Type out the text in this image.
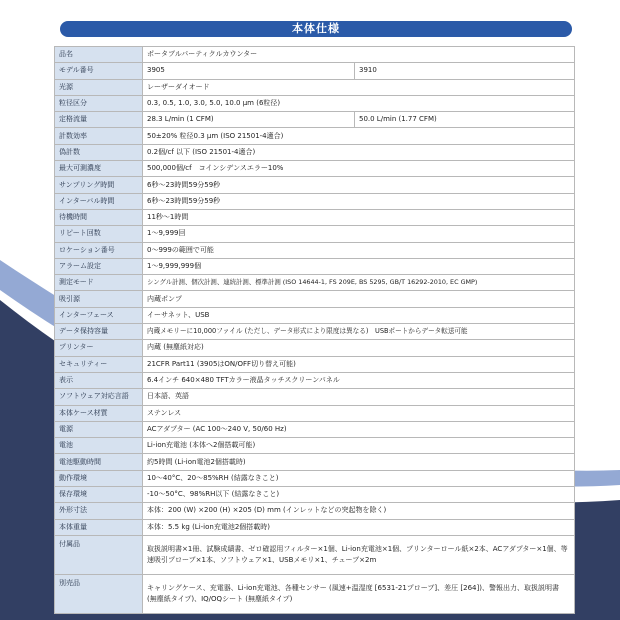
本体仕様
品名	ポータブルパーティクルカウンター	
モデル番号	3905	3910
光源	レーザーダイオード	
粒径区分	0.3, 0.5, 1.0, 3.0, 5.0, 10.0 μm (6粒径)	
定格流量	28.3 L/min (1 CFM)	50.0 L/min (1.77 CFM)
計数効率	50±20% 粒径0.3 μm (ISO 21501-4適合)	
偽計数	0.2個/cf 以下 (ISO 21501-4適合)	
最大可測濃度	500,000個/cf　コインシデンスエラー10%	
サンプリング時間	6秒～23時間59分59秒	
インターバル時間	6秒～23時間59分59秒	
待機時間	11秒～1時間	
リピート回数	1～9,999回	
ロケーション番号	0～999の範囲で可能	
アラーム設定	1～9,999,999個	
測定モード	シングル計測、個次計測、連続計測、標準計測 (ISO 14644-1, FS 209E, BS 5295, GB/T 16292-2010, EC GMP)	
吸引源	内蔵ポンプ	
インターフェース	イーサネット、USB	
データ保持容量	内蔵メモリーに10,000ファイル (ただし、データ形式により限度は異なる)　USBポートからデータ転送可能	
プリンター	内蔵 (無塵紙対応)	
セキュリティー	21CFR Part11 (3905はON/OFF切り替え可能)	
表示	6.4インチ 640×480 TFTカラー液晶タッチスクリーンパネル	
ソフトウェア対応言語	日本語、英語	
本体ケース材質	ステンレス	
電源	ACアダプター (AC 100～240 V, 50/60 Hz)	
電池	Li-ion充電池 (本体へ2個搭載可能)	
電池駆動時間	約5時間 (Li-ion電池2個搭載時)	
動作環境	10～40°C、20～85%RH (結露なきこと)	
保存環境	-10～50°C、98%RH以下 (結露なきこと)	
外形寸法	本体：200 (W) ×200 (H) ×205 (D) mm (インレットなどの突起物を除く)	
本体重量	本体：5.5 kg (Li-ion充電池2個搭載時)	
付属品	取扱説明書×1冊、試験成績書、ゼロ確認用フィルター×1個、Li-ion充電池×1個、プリンターロール紙×2本、ACアダプター×1個、等速吸引プローブ×1本、ソフトウェア×1、USBメモリ×1、チューブ×2m	
別売品	キャリングケース、充電器、Li-ion充電池、各種センサー (風速+温湿度 [6531-21プローブ]、差圧 [264])、警報出力、取扱説明書 (無塵紙タイプ)、IQ/OQシート (無塵紙タイプ)	
